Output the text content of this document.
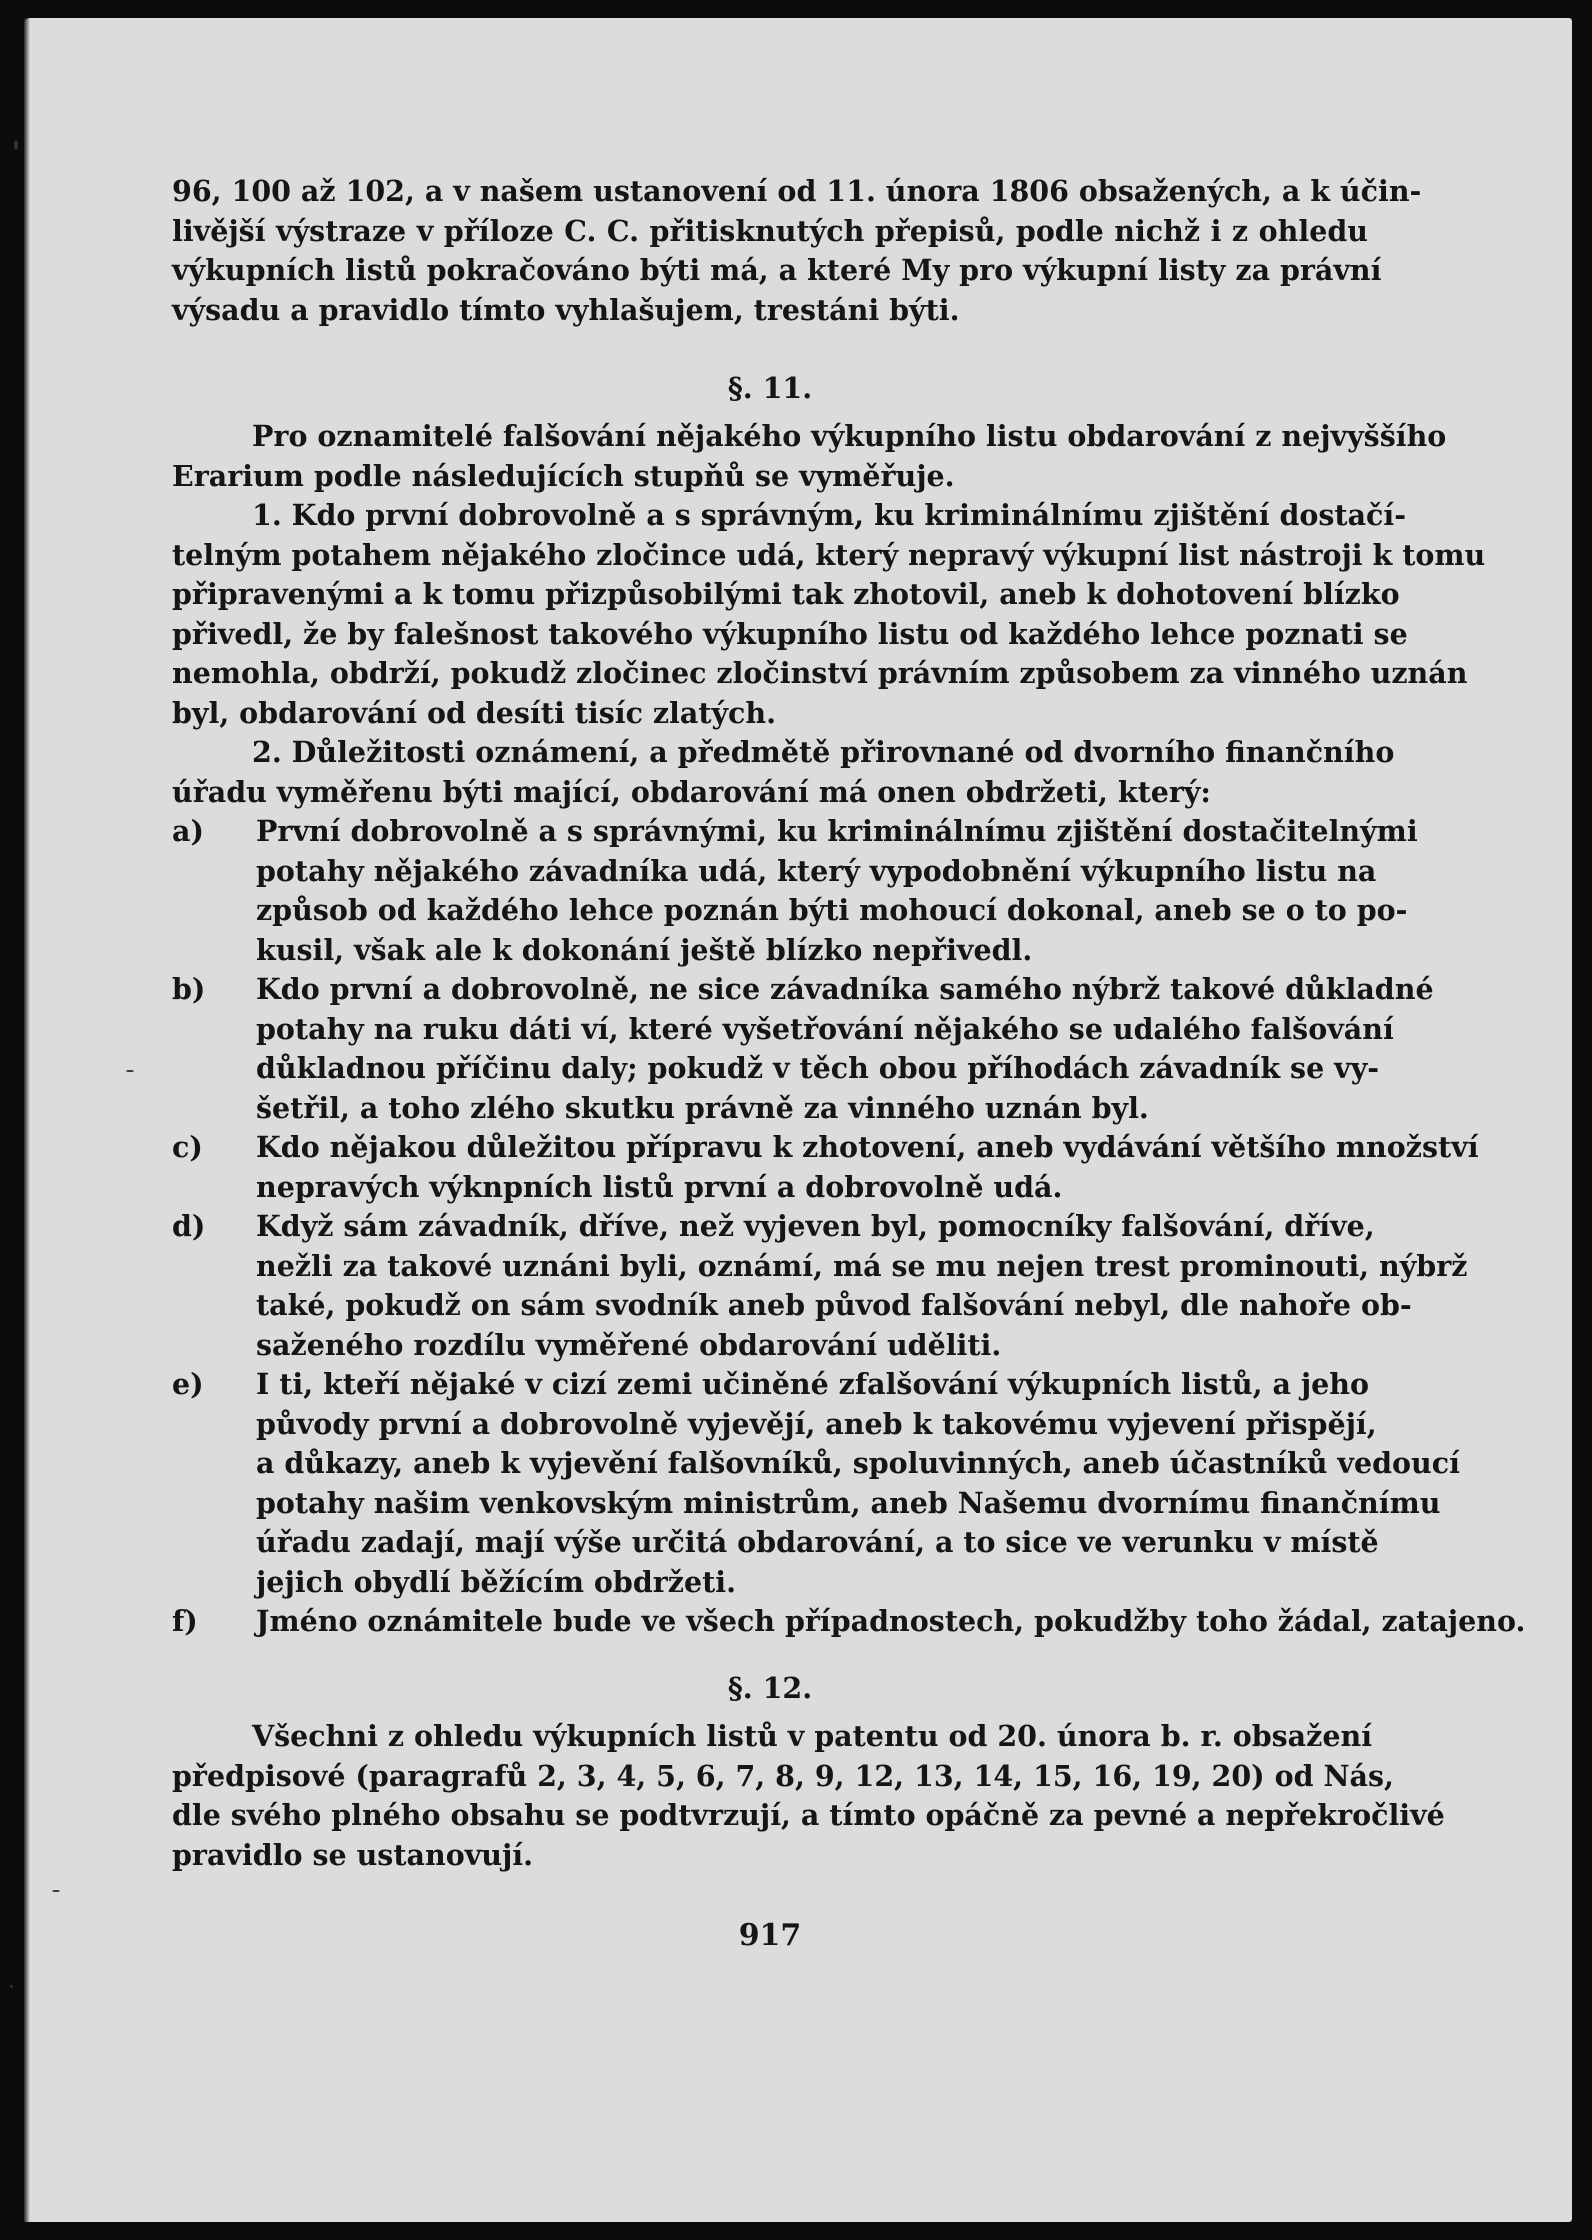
96, 100 až 102, a v našem ustanovení od 11. února 1806 obsažených, a k účin-
livější výstraze v příloze C. C. přitisknutých přepisů, podle nichž i z ohledu
výkupních listů pokračováno býti má, a které My pro výkupní listy za právní
výsadu a pravidlo tímto vyhlašujem, trestáni býti.
§. 11.
Pro oznamitelé falšování nějakého výkupního listu obdarování z nejvyššího
Erarium podle následujících stupňů se vyměřuje.
1. Kdo první dobrovolně a s správným, ku kriminálnímu zjištění dostačí-
telným potahem nějakého zločince udá, který nepravý výkupní list nástroji k tomu
připravenými a k tomu přizpůsobilými tak zhotovil, aneb k dohotovení blízko
přivedl, že by falešnost takového výkupního listu od každého lehce poznati se
nemohla, obdrží, pokudž zločinec zločinství právním způsobem za vinného uznán
byl, obdarování od desíti tisíc zlatých.
2. Důležitosti oznámení, a předmětě přirovnané od dvorního finančního
úřadu vyměřenu býti mající, obdarování má onen obdržeti, který:
a) První dobrovolně a s správnými, ku kriminálnímu zjištění dostačitelnými
potahy nějakého závadníka udá, který vypodobnění výkupního listu na
způsob od každého lehce poznán býti mohoucí dokonal, aneb se o to po-
kusil, však ale k dokonání ještě blízko nepřivedl.
b) Kdo první a dobrovolně, ne sice závadníka samého nýbrž takové důkladné
potahy na ruku dáti ví, které vyšetřování nějakého se udalého falšování
důkladnou příčinu daly; pokudž v těch obou příhodách závadník se vy-
šetřil, a toho zlého skutku právně za vinného uznán byl.
c) Kdo nějakou důležitou přípravu k zhotovení, aneb vydávání většího množství
nepravých výknpních listů první a dobrovolně udá.
d) Když sám závadník, dříve, než vyjeven byl, pomocníky falšování, dříve,
nežli za takové uznáni byli, oznámí, má se mu nejen trest prominouti, nýbrž
také, pokudž on sám svodník aneb původ falšování nebyl, dle nahoře ob-
saženého rozdílu vyměřené obdarování uděliti.
e) I ti, kteří nějaké v cizí zemi učiněné zfalšování výkupních listů, a jeho
původy první a dobrovolně vyjevějí, aneb k takovému vyjevení přispějí,
a důkazy, aneb k vyjevění falšovníků, spoluvinných, aneb účastníků vedoucí
potahy našim venkovským ministrům, aneb Našemu dvornímu finančnímu
úřadu zadají, mají výše určitá obdarování, a to sice ve verunku v místě
jejich obydlí běžícím obdržeti.
f) Jméno oznámitele bude ve všech případnostech, pokudžby toho žádal, zatajeno.
§. 12.
Všechni z ohledu výkupních listů v patentu od 20. února b. r. obsažení
předpisové (paragrafů 2, 3, 4, 5, 6, 7, 8, 9, 12, 13, 14, 15, 16, 19, 20) od Nás,
dle svého plného obsahu se podtvrzují, a tímto opáčně za pevné a nepřekročlivé
pravidlo se ustanovují.
917
